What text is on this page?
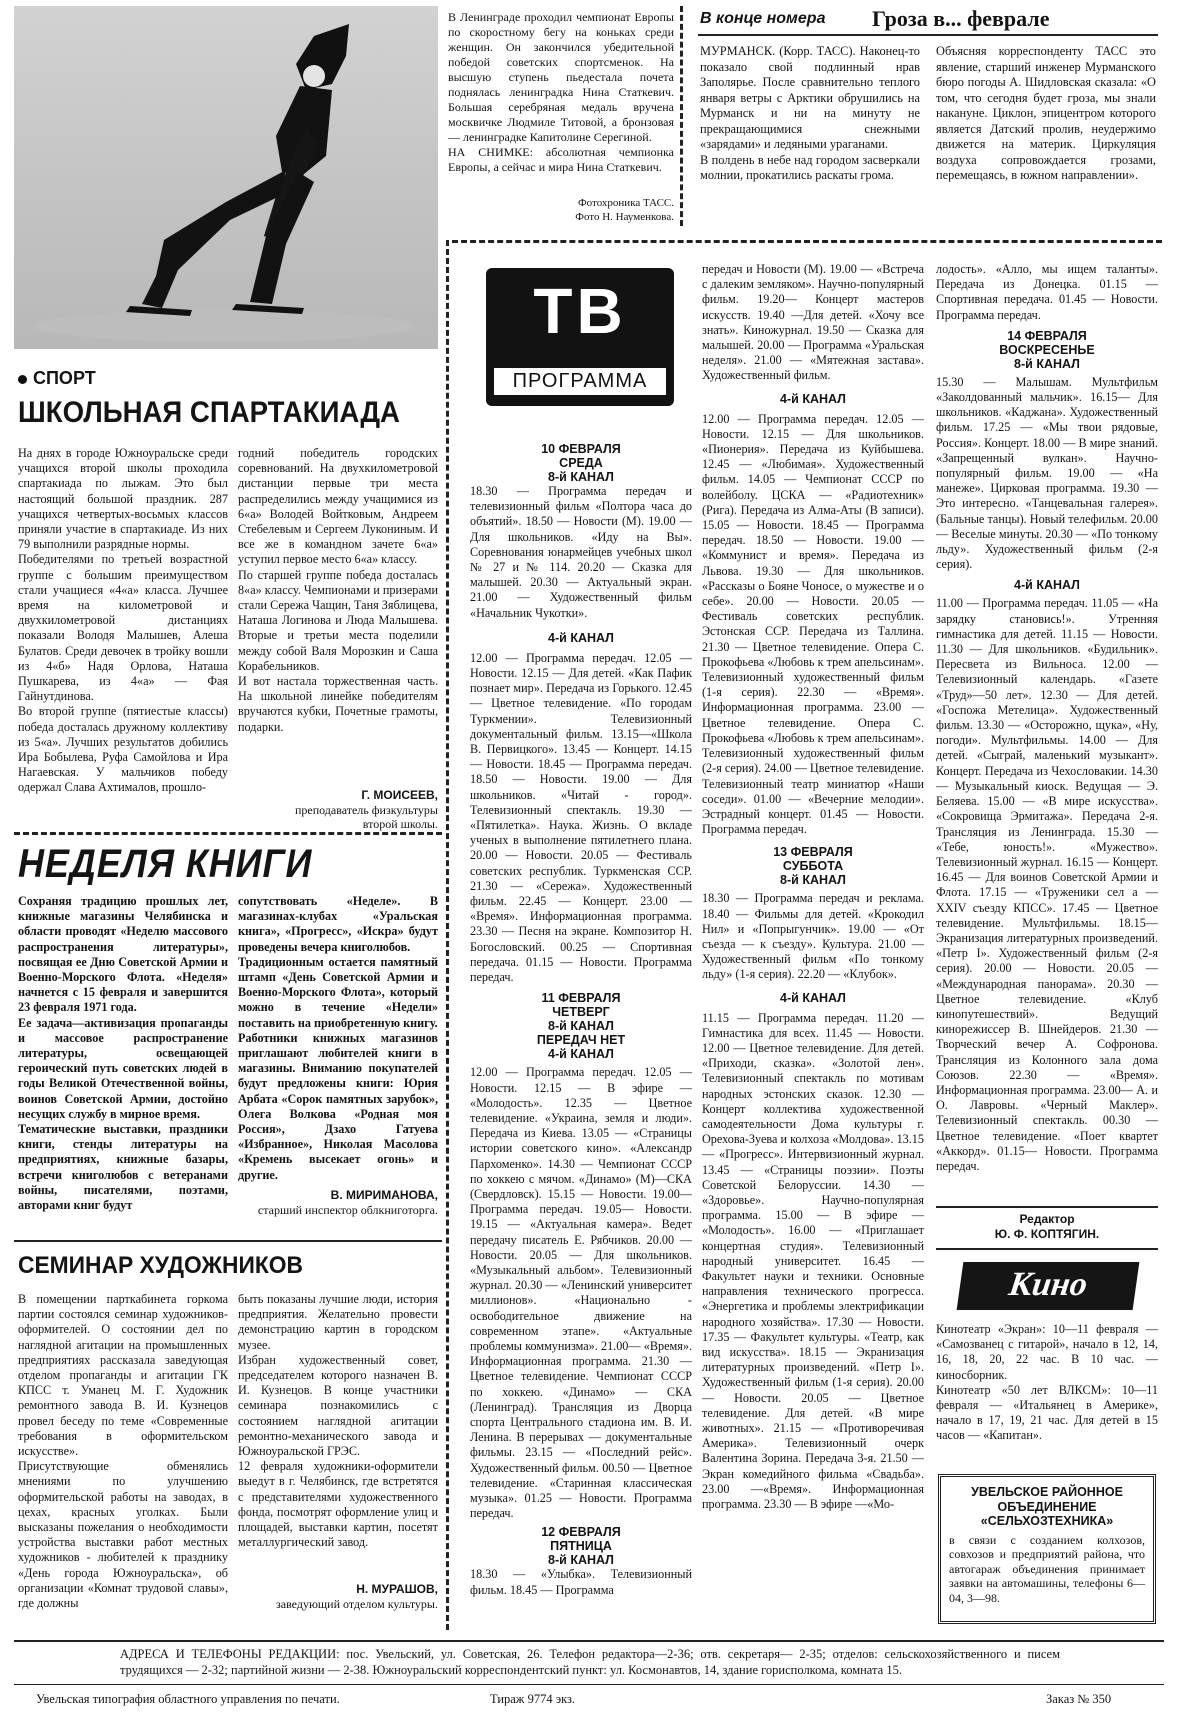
В Ленинграде проходил чемпионат Европы по скоростному бегу на коньках среди женщин. Он закончился убедительной победой советских спортсменок. На высшую ступень пьедестала почета поднялась ленинградка Нина Статкевич. Большая серебряная медаль вручена москвичке Людмиле Титовой, а бронзовая — ленинградке Капитолине Серегиной.
НА СНИМКЕ: абсолютная чемпионка Европы, а сейчас и мира Нина Статкевич.
Фотохроника ТАСС.
Фото Н. Науменкова.
В конце номера Гроза в... феврале
МУРМАНСК. (Корр. ТАСС). Наконец-то показало свой подлинный нрав Заполярье. После сравнительно теплого января ветры с Арктики обрушились на Мурманск и ни на минуту не прекращающимися снежными «зарядами» и ледяными ураганами.
В полдень в небе над городом засверкали молнии, прокатились раскаты грома.
Объясняя корреспонденту ТАСС это явление, старший инженер Мурманского бюро погоды А. Шидловская сказала: «О том, что сегодня будет гроза, мы знали накануне. Циклон, эпицентром которого является Датский пролив, неудержимо движется на материк. Циркуляция воздуха сопровождается грозами, перемещаясь, в южном направлении».
СПОРТ
ШКОЛЬНАЯ СПАРТАКИАДА
На днях в городе Южноуральске среди учащихся второй школы проходила спартакиада по лыжам. Это был настоящий большой праздник. 287 учащихся четвертых-восьмых классов приняли участие в спартакиаде. Из них 79 выполнили разрядные нормы.
Победителями по третьей возрастной группе с большим преимуществом стали учащиеся «4«а» класса. Лучшее время на километровой и двухкилометровой дистанциях показали Володя Малышев, Алеша Булатов. Среди девочек в тройку вошли из 4«б» Надя Орлова, Наташа Пушкарева, из 4«а» — Фая Гайнутдинова.
Во второй группе (пятиестые классы) победа досталась дружному коллективу из 5«а». Лучших результатов добились Ира Бобылева, Руфа Самойлова и Ира Нагаевская. У мальчиков победу одержал Слава Ахтималов, прошло-
годний победитель городских соревнований. На двухкилометровой дистанции первые три места распределились между учащимися из 6«а» Володей Войтковым, Андреем Стебелевым и Сергеем Лукониным. И все же в командном зачете 6«а» уступил первое место 6«а» классу.
По старшей группе победа досталась 8«а» классу. Чемпионами и призерами стали Сережа Чащин, Таня Зяблицева, Наташа Логинова и Люда Малышева. Вторые и третьи места поделили между собой Валя Морозкин и Саша Корабельников.
И вот настала торжественная часть. На школьной линейке победителям вручаются кубки, Почетные грамоты, подарки.
Г. МОИСЕЕВ,
преподаватель физкультуры
второй школы.
НЕДЕЛЯ КНИГИ
Сохраняя традицию прошлых лет, книжные магазины Челябинска и области проводят «Неделю массового распространения литературы», посвящая ее Дню Советской Армии и Военно-Морского Флота. «Неделя» начнется с 15 февраля и завершится 23 февраля 1971 года.
Ее задача—активизация пропаганды и массовое распространение литературы, освещающей героический путь советских людей в годы Великой Отечественной войны, воинов Советской Армии, достойно несущих службу в мирное время.
Тематические выставки, праздники книги, стенды литературы на предприятиях, книжные базары, встречи книголюбов с ветеранами войны, писателями, поэтами, авторами книг будут
сопутствовать «Неделе». В магазинах-клубах «Уральская книга», «Прогресс», «Искра» будут проведены вечера книголюбов.
Традиционным остается памятный штамп «День Советской Армии и Военно-Морского Флота», который можно в течение «Недели» поставить на приобретенную книгу.
Работники книжных магазинов приглашают любителей книги в магазины. Вниманию покупателей будут предложены книги: Юрия Арбата «Сорок памятных зарубок», Олега Волкова «Родная моя Россия», Дзахо Гатуева «Избранное», Николая Масолова «Кремень высекает огонь» и другие.
В. МИРИМАНОВА,
старший инспектор облкниготорга.
СЕМИНАР ХУДОЖНИКОВ
В помещении парткабинета горкома партии состоялся семинар художников-оформителей. О состоянии дел по наглядной агитации на промышленных предприятиях рассказала заведующая отделом пропаганды и агитации ГК КПСС т. Уманец М. Г. Художник ремонтного завода В. И. Кузнецов провел беседу по теме «Современные требования в оформительском искусстве».
Присутствующие обменялись мнениями по улучшению оформительской работы на заводах, в цехах, красных уголках. Были высказаны пожелания о необходимости устройства выставки работ местных художников - любителей к празднику «День города Южноуральска», об организации «Комнат трудовой славы», где должны
быть показаны лучшие люди, история предприятия. Желательно провести демонстрацию картин в городском музее.
Избран художественный совет, председателем которого назначен В. И. Кузнецов. В конце участники семинара познакомились с состоянием наглядной агитации ремонтно-механического завода и Южноуральской ГРЭС.
12 февраля художники-оформители выедут в г. Челябинск, где встретятся с представителями художественного фонда, посмотрят оформление улиц и площадей, выставки картин, посетят металлургический завод.
Н. МУРАШОВ,
заведующий отделом культуры.
ТВ
ПРОГРАММА
10 ФЕВРАЛЯ
СРЕДА
8-й КАНАЛ
18.30 — Программа передач и телевизионный фильм «Полтора часа до объятий». 18.50 — Новости (М). 19.00 — Для школьников. «Иду на Вы». Соревнования юнармейцев учебных школ № 27 и № 114. 20.20 — Сказка для малышей. 20.30 — Актуальный экран. 21.00 — Художественный фильм «Начальник Чукотки».
4-й КАНАЛ
12.00 — Программа передач. 12.05 — Новости. 12.15 — Для детей. «Как Пафик познает мир». Передача из Горького. 12.45 — Цветное телевидение. «По городам Туркмении». Телевизионный документальный фильм. 13.15—«Школа В. Первицкого». 13.45 — Концерт. 14.15 — Новости. 18.45 — Программа передач. 18.50 — Новости. 19.00 — Для школьников. «Читай - город». Телевизионный спектакль. 19.30 — «Пятилетка». Наука. Жизнь. О вкладе ученых в выполнение пятилетнего плана. 20.00 — Новости. 20.05 — Фестиваль советских республик. Туркменская ССР. 21.30 — «Сережа». Художественный фильм. 22.45 — Концерт. 23.00 — «Время». Информационная программа. 23.30 — Песня на экране. Композитор Н. Богословский. 00.25 — Спортивная передача. 01.15 — Новости. Программа передач.
11 ФЕВРАЛЯ
ЧЕТВЕРГ
8-й КАНАЛ
ПЕРЕДАЧ НЕТ
4-й КАНАЛ
12.00 — Программа передач. 12.05 — Новости. 12.15 — В эфире — «Молодость». 12.35 — Цветное телевидение. «Украина, земля и люди». Передача из Киева. 13.05 — «Страницы истории советского кино». «Александр Пархоменко». 14.30 — Чемпионат СССР по хоккею с мячом. «Динамо» (М)—СКА (Свердловск). 15.15 — Новости. 19.00—Программа передач. 19.05— Новости. 19.15 — «Актуальная камера». Ведет передачу писатель Е. Рябчиков. 20.00 — Новости. 20.05 — Для школьников. «Музыкальный альбом». Телевизионный журнал. 20.30 — «Ленинский университет миллионов». «Национально - освободительное движение на современном этапе». «Актуальные проблемы коммунизма». 21.00— «Время». Информационная программа. 21.30 — Цветное телевидение. Чемпионат СССР по хоккею. «Динамо» — СКА (Ленинград). Трансляция из Дворца спорта Центрального стадиона им. В. И. Ленина. В перерывах — документальные фильмы. 23.15 — «Последний рейс». Художественный фильм. 00.50 — Цветное телевидение. «Старинная классическая музыка». 01.25 — Новости. Программа передач.
12 ФЕВРАЛЯ
ПЯТНИЦА
8-й КАНАЛ
18.30 — «Улыбка». Телевизионный фильм. 18.45 — Программа
передач и Новости (М). 19.00 — «Встреча с далеким земляком». Научно-популярный фильм. 19.20— Концерт мастеров искусств. 19.40 —Для детей. «Хочу все знать». Киножурнал. 19.50 — Сказка для малышей. 20.00 — Программа «Уральская неделя». 21.00 — «Мятежная застава». Художественный фильм.
4-й КАНАЛ
12.00 — Программа передач. 12.05 — Новости. 12.15 — Для школьников. «Пионерия». Передача из Куйбышева. 12.45 — «Любимая». Художественный фильм. 14.05 — Чемпионат СССР по волейболу. ЦСКА — «Радиотехник» (Рига). Передача из Алма-Аты (В записи). 15.05 — Новости. 18.45 — Программа передач. 18.50 — Новости. 19.00 — «Коммунист и время». Передача из Львова. 19.30 — Для школьников. «Рассказы о Бояне Чоносе, о мужестве и о себе». 20.00 — Новости. 20.05 — Фестиваль советских республик. Эстонская ССР. Передача из Таллина. 21.30 — Цветное телевидение. Опера С. Прокофьева «Любовь к трем апельсинам». Телевизионный художественный фильм (1-я серия). 22.30 — «Время». Информационная программа. 23.00 — Цветное телевидение. Опера С. Прокофьева «Любовь к трем апельсинам». Телевизионный художественный фильм (2-я серия). 24.00 — Цветное телевидение. Телевизионный театр миниатюр «Наши соседи». 01.00 — «Вечерние мелодии». Эстрадный концерт. 01.45 — Новости. Программа передач.
13 ФЕВРАЛЯ
СУББОТА
8-й КАНАЛ
18.30 — Программа передач и реклама. 18.40 — Фильмы для детей. «Крокодил Нил» и «Попрыгунчик». 19.00 — «От съезда — к съезду». Культура. 21.00 — Художественный фильм «По тонкому льду» (1-я серия). 22.20 — «Клубок».
4-й КАНАЛ
11.15 — Программа передач. 11.20 — Гимнастика для всех. 11.45 — Новости. 12.00 — Цветное телевидение. Для детей. «Приходи, сказка». «Золотой лен». Телевизионный спектакль по мотивам народных эстонских сказок. 12.30 — Концерт коллектива художественной самодеятельности Дома культуры г. Орехова-Зуева и колхоза «Молдова». 13.15 — «Прогресс». Интервизионный журнал. 13.45 — «Страницы поэзии». Поэты Советской Белоруссии. 14.30 — «Здоровье». Научно-популярная программа. 15.00 — В эфире — «Молодость». 16.00 — «Приглашает концертная студия». Телевизионный народный университет. 16.45 — Факультет науки и техники. Основные направления технического прогресса. «Энергетика и проблемы электрификации народного хозяйства». 17.30 — Новости. 17.35 — Факультет культуры. «Театр, как вид искусства». 18.15 — Экранизация литературных произведений. «Петр I». Художественный фильм (1-я серия). 20.00 — Новости. 20.05 — Цветное телевидение. Для детей. «В мире животных». 21.15 — «Противоречивая Америка». Телевизионный очерк Валентина Зорина. Передача 3-я. 21.50 — Экран комедийного фильма «Свадьба». 23.00 —«Время». Информационная программа. 23.30 — В эфире —«Мо-
лодость». «Алло, мы ищем таланты». Передача из Донецка. 01.15 — Спортивная передача. 01.45 — Новости. Программа передач.
14 ФЕВРАЛЯ
ВОСКРЕСЕНЬЕ
8-й КАНАЛ
15.30 — Малышам. Мультфильм «Заколдованный мальчик». 16.15— Для школьников. «Каджана». Художественный фильм. 17.25 — «Мы твои рядовые, Россия». Концерт. 18.00 — В мире знаний. «Запрещенный вулкан». Научно-популярный фильм. 19.00 — «На манеже». Цирковая программа. 19.30 — Это интересно. «Танцевальная галерея». (Бальные танцы). Новый телефильм. 20.00 — Веселые минуты. 20.30 — «По тонкому льду». Художественный фильм (2-я серия).
4-й КАНАЛ
11.00 — Программа передач. 11.05 — «На зарядку становись!». Утренняя гимнастика для детей. 11.15 — Новости. 11.30 — Для школьников. «Будильник». Пересвета из Вильноса. 12.00 — Телевизионный календарь. «Газете «Труд»—50 лет». 12.30 — Для детей. «Госпожа Метелица». Художественный фильм. 13.30 — «Осторожно, щука», «Ну, погоди». Мультфильмы. 14.00 — Для детей. «Сыграй, маленький музыкант». Концерт. Передача из Чехословакии. 14.30 — Музыкальный киоск. Ведущая — Э. Беляева. 15.00 — «В мире искусства». «Сокровища Эрмитажа». Передача 2-я. Трансляция из Ленинграда. 15.30 — «Тебе, юность!». «Мужество». Телевизионный журнал. 16.15 — Концерт. 16.45 — Для воинов Советской Армии и Флота. 17.15 — «Труженики сел а — XXIV съезду КПСС». 17.45 — Цветное телевидение. Мультфильмы. 18.15—Экранизация литературных произведений. «Петр I». Художественный фильм (2-я серия). 20.00 — Новости. 20.05 — «Международная панорама». 20.30 — Цветное телевидение. «Клуб кинопутешествий». Ведущий кинорежиссер В. Шнейдеров. 21.30 — Творческий вечер А. Софронова. Трансляция из Колонного зала дома Союзов. 22.30 — «Время». Информационная программа. 23.00— А. и О. Лавровы. «Черный Маклер». Телевизионный спектакль. 00.30 — Цветное телевидение. «Поет квартет «Аккорд». 01.15— Новости. Программа передач.
Редактор
Ю. Ф. КОПТЯГИН.
Кино
Кинотеатр «Экран»: 10—11 февраля — «Самозванец с гитарой», начало в 12, 14, 16, 18, 20, 22 час. В 10 час. — киносборник.
Кинотеатр «50 лет ВЛКСМ»: 10—11 февраля — «Итальянец в Америке», начало в 17, 19, 21 час. Для детей в 15 часов — «Капитан».
УВЕЛЬСКОЕ РАЙОННОЕ
ОБЪЕДИНЕНИЕ
«СЕЛЬХОЗТЕХНИКА»
в связи с созданием колхозов, совхозов и предприятий района, что автогараж объединения принимает заявки на автомашины, телефоны 6—04, 3—98.
АДРЕСА И ТЕЛЕФОНЫ РЕДАКЦИИ: пос. Увельский, ул. Советская, 26. Телефон редактора—2-36; отв. секретаря— 2-35; отделов: сельскохозяйственного и писем трудящихся — 2-32; партийной жизни — 2-38. Южноуральский корреспондентский пункт: ул. Космонавтов, 14, здание горисполкома, комната 15.
Увельская типография областного управления по печати.	Тираж 9774 экз.	Заказ № 350
